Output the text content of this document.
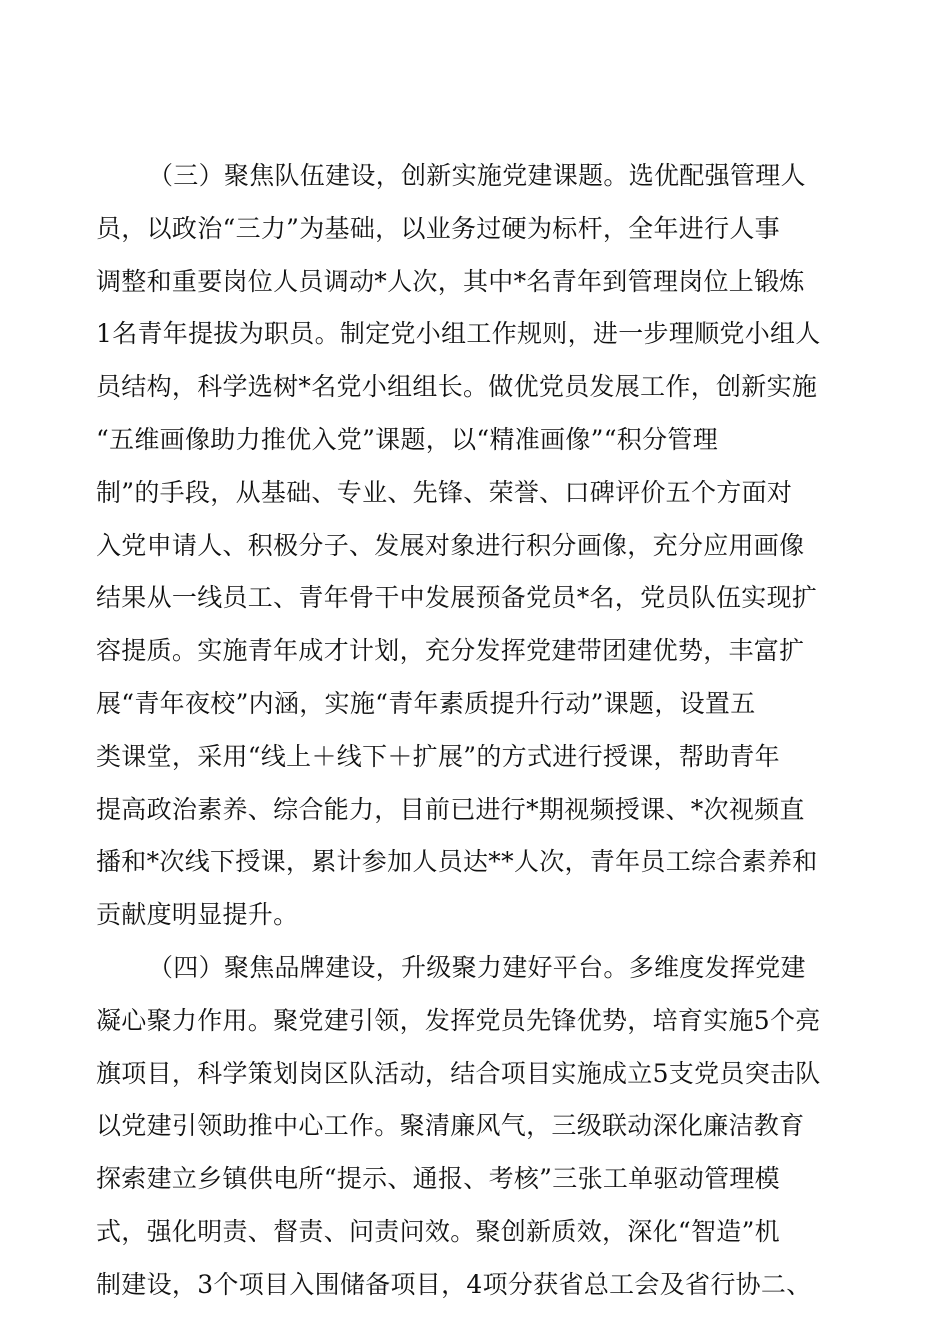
（三）聚焦队伍建设，创新实施党建课题。选优配强管理人
员，以政治“三力”为基础，以业务过硬为标杆，全年进行人事
调整和重要岗位人员调动*人次，其中*名青年到管理岗位上锻炼
1名青年提拔为职员。制定党小组工作规则，进一步理顺党小组人
员结构，科学选树*名党小组组长。做优党员发展工作，创新实施
“五维画像助力推优入党”课题，以“精准画像”“积分管理
制”的手段，从基础、专业、先锋、荣誉、口碑评价五个方面对
入党申请人、积极分子、发展对象进行积分画像，充分应用画像
结果从一线员工、青年骨干中发展预备党员*名，党员队伍实现扩
容提质。实施青年成才计划，充分发挥党建带团建优势，丰富扩
展“青年夜校”内涵，实施“青年素质提升行动”课题，设置五
类课堂，采用“线上＋线下＋扩展”的方式进行授课，帮助青年
提高政治素养、综合能力，目前已进行*期视频授课、*次视频直
播和*次线下授课，累计参加人员达**人次，青年员工综合素养和
贡献度明显提升。
（四）聚焦品牌建设，升级聚力建好平台。多维度发挥党建
凝心聚力作用。聚党建引领，发挥党员先锋优势，培育实施5个亮
旗项目，科学策划岗区队活动，结合项目实施成立5支党员突击队
以党建引领助推中心工作。聚清廉风气，三级联动深化廉洁教育
探索建立乡镇供电所“提示、通报、考核”三张工单驱动管理模
式，强化明责、督责、问责问效。聚创新质效，深化“智造”机
制建设，3个项目入围储备项目，4项分获省总工会及省行协二、
